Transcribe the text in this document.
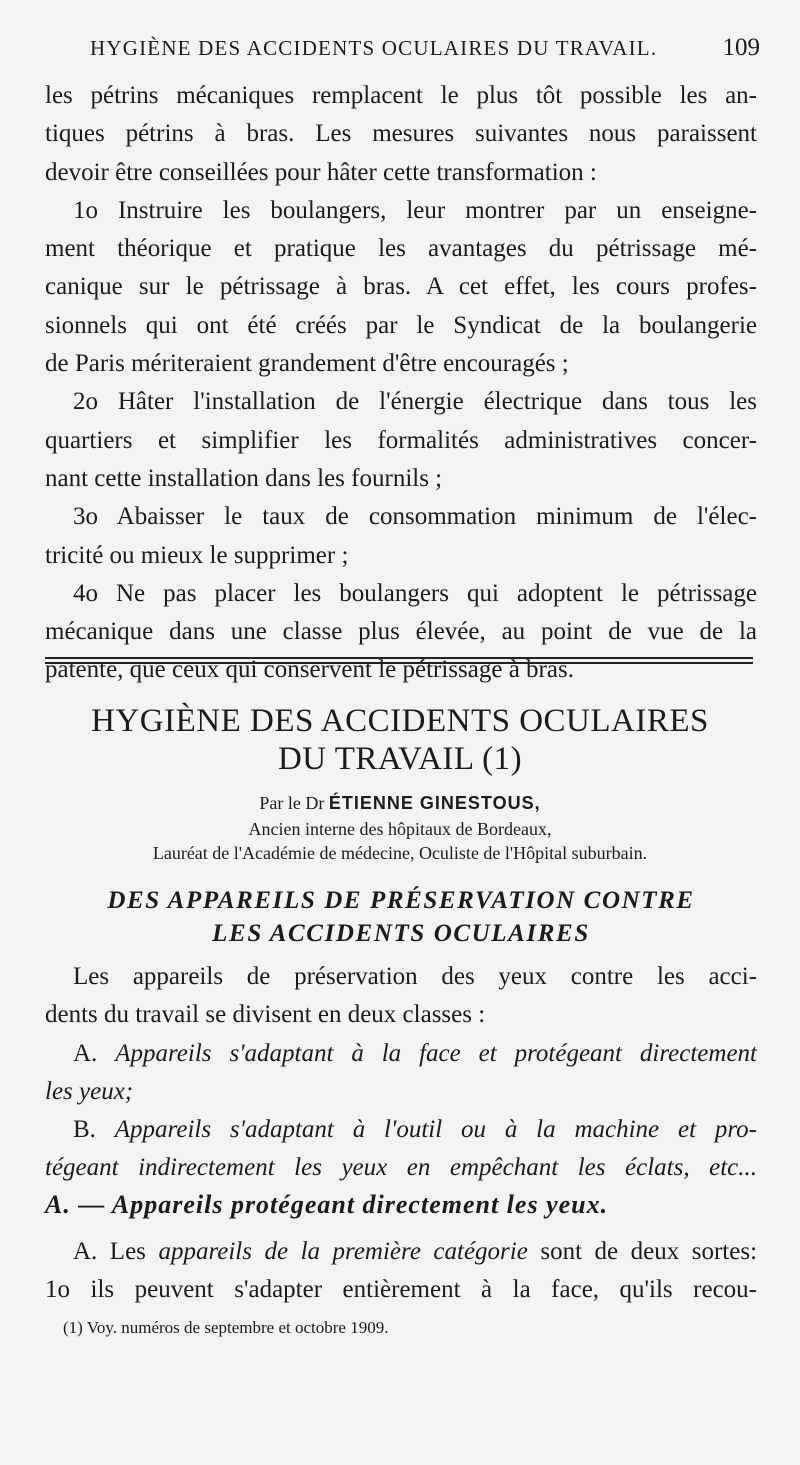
HYGIÈNE DES ACCIDENTS OCULAIRES DU TRAVAIL.	109
les pétrins mécaniques remplacent le plus tôt possible les an-
tiques pétrins à bras. Les mesures suivantes nous paraissent
devoir être conseillées pour hâter cette transformation :
1o Instruire les boulangers, leur montrer par un enseigne-
ment théorique et pratique les avantages du pétrissage mé-
canique sur le pétrissage à bras. A cet effet, les cours profes-
sionnels qui ont été créés par le Syndicat de la boulangerie
de Paris mériteraient grandement d'être encouragés ;
2o Hâter l'installation de l'énergie électrique dans tous les
quartiers et simplifier les formalités administratives concer-
nant cette installation dans les fournils ;
3o Abaisser le taux de consommation minimum de l'élec-
tricité ou mieux le supprimer ;
4o Ne pas placer les boulangers qui adoptent le pétrissage
mécanique dans une classe plus élevée, au point de vue de la
patente, que ceux qui conservent le pétrissage à bras.
HYGIÈNE DES ACCIDENTS OCULAIRES
DU TRAVAIL (1)
Par le Dr ÉTIENNE GINESTOUS,
Ancien interne des hôpitaux de Bordeaux,
Lauréat de l'Académie de médecine, Oculiste de l'Hôpital suburbain.
DES APPAREILS DE PRÉSERVATION CONTRE
LES ACCIDENTS OCULAIRES
Les appareils de préservation des yeux contre les acci-
dents du travail se divisent en deux classes :
A. Appareils s'adaptant à la face et protégeant directement
les yeux;
B. Appareils s'adaptant à l'outil ou à la machine et pro-
tégeant indirectement les yeux en empêchant les éclats, etc...
A. — Appareils protégeant directement les yeux.
A. Les appareils de la première catégorie sont de deux sortes:
1o ils peuvent s'adapter entièrement à la face, qu'ils recou-
(1) Voy. numéros de septembre et octobre 1909.
